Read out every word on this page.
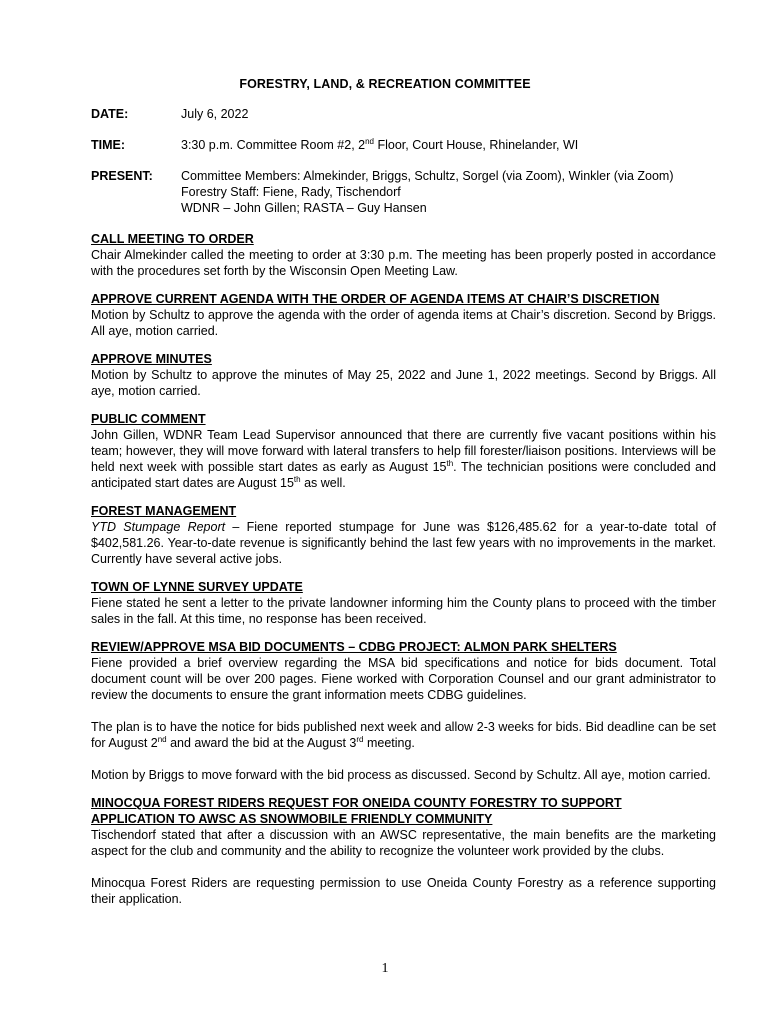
FORESTRY, LAND, & RECREATION COMMITTEE
DATE:	July 6, 2022
TIME:	3:30 p.m. Committee Room #2, 2nd Floor, Court House, Rhinelander, WI
PRESENT: Committee Members: Almekinder, Briggs, Schultz, Sorgel (via Zoom), Winkler (via Zoom)
Forestry Staff: Fiene, Rady, Tischendorf
WDNR – John Gillen; RASTA – Guy Hansen
CALL MEETING TO ORDER

Chair Almekinder called the meeting to order at 3:30 p.m. The meeting has been properly posted in accordance with the procedures set forth by the Wisconsin Open Meeting Law.

APPROVE CURRENT AGENDA WITH THE ORDER OF AGENDA ITEMS AT CHAIR’S DISCRETION

Motion by Schultz to approve the agenda with the order of agenda items at Chair’s discretion. Second by Briggs. All aye, motion carried.

APPROVE MINUTES

Motion by Schultz to approve the minutes of May 25, 2022 and June 1, 2022 meetings. Second by Briggs. All aye, motion carried.

PUBLIC COMMENT

John Gillen, WDNR Team Lead Supervisor announced that there are currently five vacant positions within his team; however, they will move forward with lateral transfers to help fill forester/liaison positions. Interviews will be held next week with possible start dates as early as August 15th. The technician positions were concluded and anticipated start dates are August 15th as well.

FOREST MANAGEMENT

YTD Stumpage Report – Fiene reported stumpage for June was $126,485.62 for a year-to-date total of $402,581.26. Year-to-date revenue is significantly behind the last few years with no improvements in the market. Currently have several active jobs.

TOWN OF LYNNE SURVEY UPDATE

Fiene stated he sent a letter to the private landowner informing him the County plans to proceed with the timber sales in the fall. At this time, no response has been received.

REVIEW/APPROVE MSA BID DOCUMENTS – CDBG PROJECT: ALMON PARK SHELTERS

Fiene provided a brief overview regarding the MSA bid specifications and notice for bids document. Total document count will be over 200 pages. Fiene worked with Corporation Counsel and our grant administrator to review the documents to ensure the grant information meets CDBG guidelines.

The plan is to have the notice for bids published next week and allow 2-3 weeks for bids. Bid deadline can be set for August 2nd and award the bid at the August 3rd meeting.

Motion by Briggs to move forward with the bid process as discussed. Second by Schultz. All aye, motion carried.

MINOCQUA FOREST RIDERS REQUEST FOR ONEIDA COUNTY FORESTRY TO SUPPORT
APPLICATION TO AWSC AS SNOWMOBILE FRIENDLY COMMUNITY

Tischendorf stated that after a discussion with an AWSC representative, the main benefits are the marketing aspect for the club and community and the ability to recognize the volunteer work provided by the clubs.

Minocqua Forest Riders are requesting permission to use Oneida County Forestry as a reference supporting their application.

1
